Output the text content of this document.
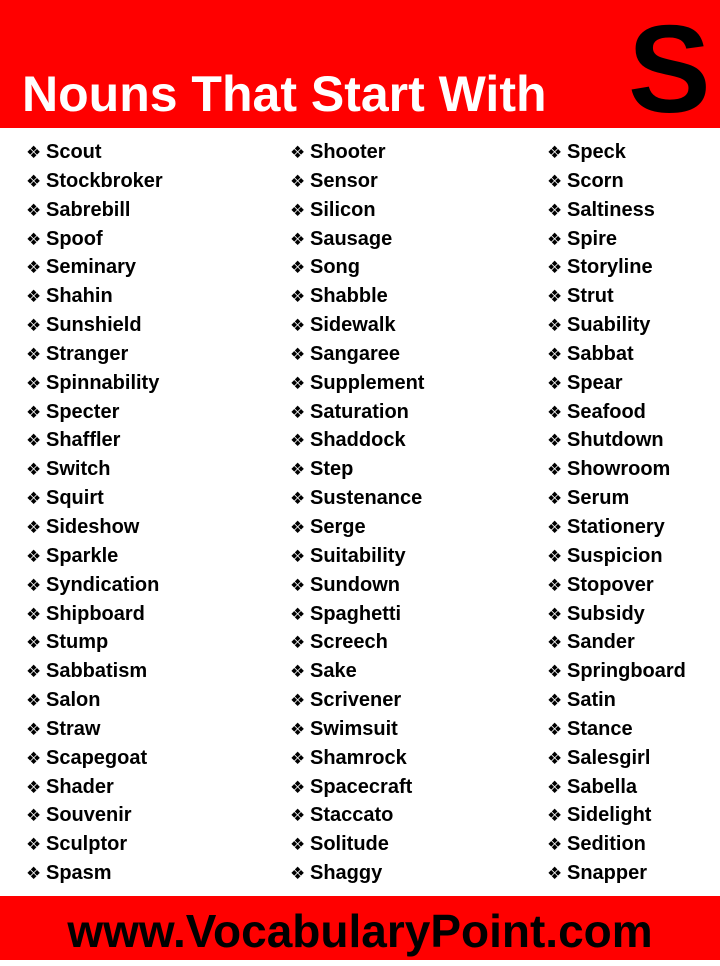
Nouns That Start With S
❖ Scout
❖ Stockbroker
❖ Sabrebill
❖ Spoof
❖ Seminary
❖ Shahin
❖ Sunshield
❖ Stranger
❖ Spinnability
❖ Specter
❖ Shaffler
❖ Switch
❖ Squirt
❖ Sideshow
❖ Sparkle
❖ Syndication
❖ Shipboard
❖ Stump
❖ Sabbatism
❖ Salon
❖ Straw
❖ Scapegoat
❖ Shader
❖ Souvenir
❖ Sculptor
❖ Spasm
❖ Shooter
❖ Sensor
❖ Silicon
❖ Sausage
❖ Song
❖ Shabble
❖ Sidewalk
❖ Sangaree
❖ Supplement
❖ Saturation
❖ Shaddock
❖ Step
❖ Sustenance
❖ Serge
❖ Suitability
❖ Sundown
❖ Spaghetti
❖ Screech
❖ Sake
❖ Scrivener
❖ Swimsuit
❖ Shamrock
❖ Spacecraft
❖ Staccato
❖ Solitude
❖ Shaggy
❖ Speck
❖ Scorn
❖ Saltiness
❖ Spire
❖ Storyline
❖ Strut
❖ Suability
❖ Sabbat
❖ Spear
❖ Seafood
❖ Shutdown
❖ Showroom
❖ Serum
❖ Stationery
❖ Suspicion
❖ Stopover
❖ Subsidy
❖ Sander
❖ Springboard
❖ Satin
❖ Stance
❖ Salesgirl
❖ Sabella
❖ Sidelight
❖ Sedition
❖ Snapper
www.VocabularyPoint.com
